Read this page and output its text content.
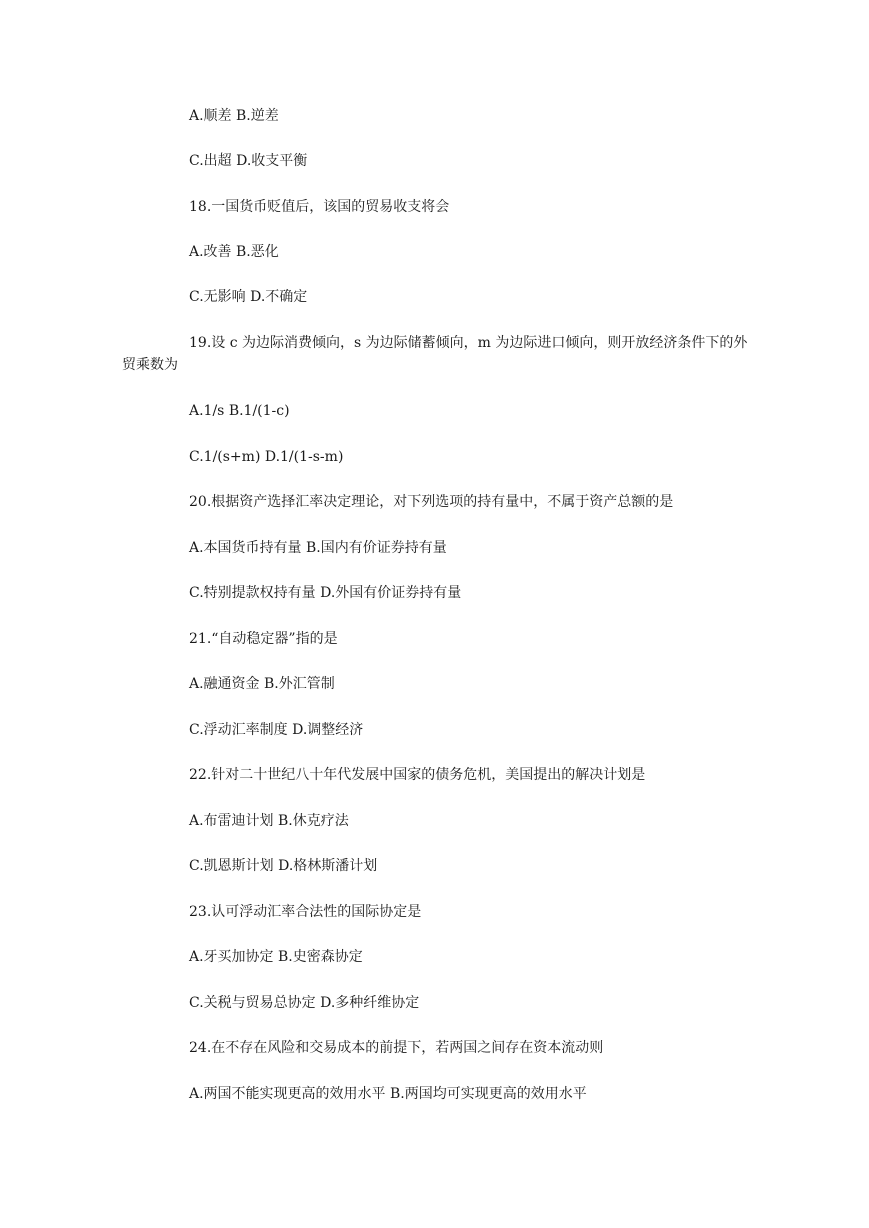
A.顺差 B.逆差
C.出超 D.收支平衡
18.一国货币贬值后，该国的贸易收支将会
A.改善 B.恶化
C.无影响 D.不确定
19.设 c 为边际消费倾向，s 为边际储蓄倾向，m 为边际进口倾向，则开放经济条件下的外贸乘数为
A.1/s B.1/(1-c)
C.1/(s+m) D.1/(1-s-m)
20.根据资产选择汇率决定理论，对下列选项的持有量中，不属于资产总额的是
A.本国货币持有量 B.国内有价证券持有量
C.特别提款权持有量 D.外国有价证券持有量
21.“自动稳定器”指的是
A.融通资金 B.外汇管制
C.浮动汇率制度 D.调整经济
22.针对二十世纪八十年代发展中国家的债务危机，美国提出的解决计划是
A.布雷迪计划 B.休克疗法
C.凯恩斯计划 D.格林斯潘计划
23.认可浮动汇率合法性的国际协定是
A.牙买加协定 B.史密森协定
C.关税与贸易总协定 D.多种纤维协定
24.在不存在风险和交易成本的前提下，若两国之间存在资本流动则
A.两国不能实现更高的效用水平 B.两国均可实现更高的效用水平
